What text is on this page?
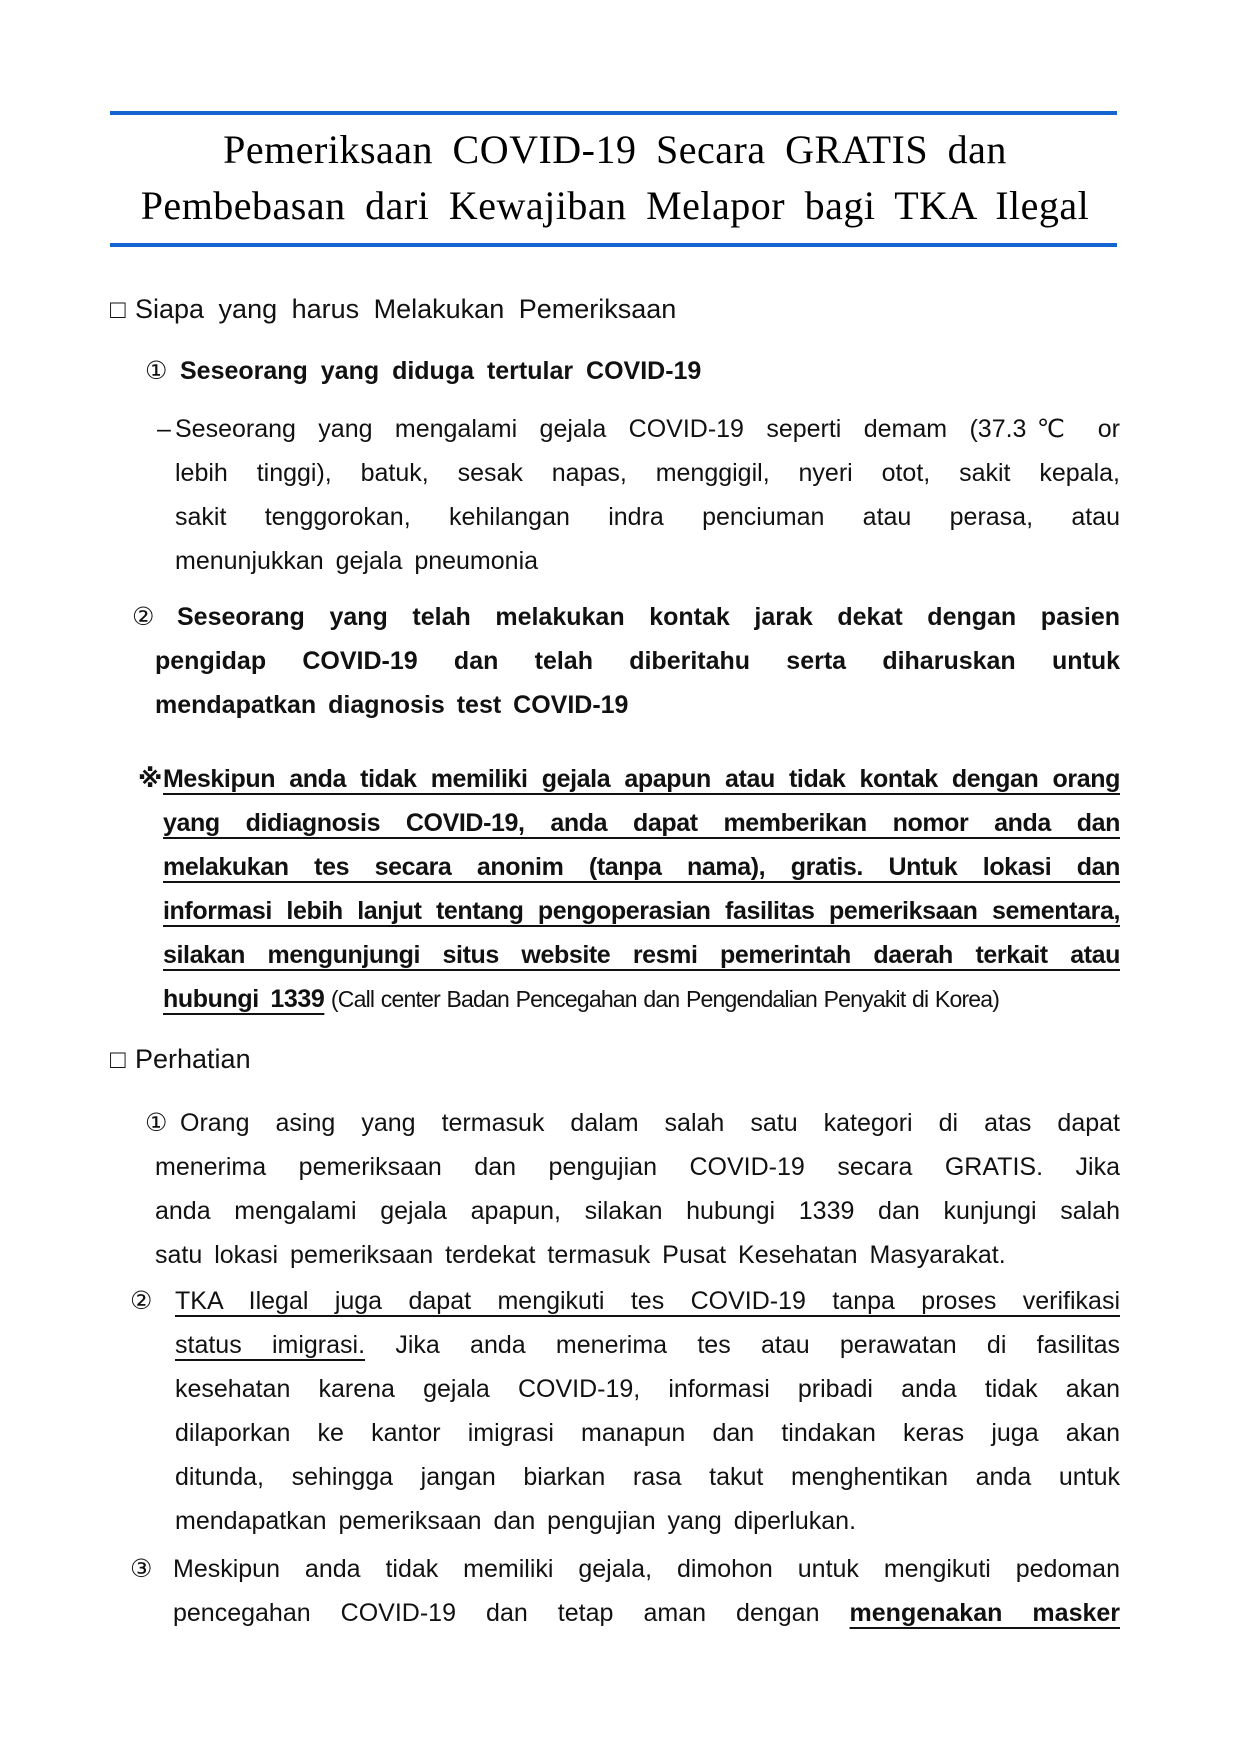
Pemeriksaan COVID-19 Secara GRATIS dan
Pembebasan dari Kewajiban Melapor bagi TKA Ilegal
□ Siapa yang harus Melakukan Pemeriksaan
① Seseorang yang diduga tertular COVID-19
– Seseorang yang mengalami gejala COVID-19 seperti demam (37.3℃ or
lebih tinggi), batuk, sesak napas, menggigil, nyeri otot, sakit kepala,
sakit tenggorokan, kehilangan indra penciuman atau perasa, atau
menunjukkan gejala pneumonia
② Seseorang yang telah melakukan kontak jarak dekat dengan pasien
pengidap COVID-19 dan telah diberitahu serta diharuskan untuk
mendapatkan diagnosis test COVID-19
※ Meskipun anda tidak memiliki gejala apapun atau tidak kontak dengan orang
yang didiagnosis COVID-19, anda dapat memberikan nomor anda dan
melakukan tes secara anonim (tanpa nama), gratis. Untuk lokasi dan
informasi lebih lanjut tentang pengoperasian fasilitas pemeriksaan sementara,
silakan mengunjungi situs website resmi pemerintah daerah terkait atau
hubungi 1339 (Call center Badan Pencegahan dan Pengendalian Penyakit di Korea)
□ Perhatian
① Orang asing yang termasuk dalam salah satu kategori di atas dapat
menerima pemeriksaan dan pengujian COVID-19 secara GRATIS. Jika
anda mengalami gejala apapun, silakan hubungi 1339 dan kunjungi salah
satu lokasi pemeriksaan terdekat termasuk Pusat Kesehatan Masyarakat.
② TKA Ilegal juga dapat mengikuti tes COVID-19 tanpa proses verifikasi
status imigrasi. Jika anda menerima tes atau perawatan di fasilitas
kesehatan karena gejala COVID-19, informasi pribadi anda tidak akan
dilaporkan ke kantor imigrasi manapun dan tindakan keras juga akan
ditunda, sehingga jangan biarkan rasa takut menghentikan anda untuk
mendapatkan pemeriksaan dan pengujian yang diperlukan.
③ Meskipun anda tidak memiliki gejala, dimohon untuk mengikuti pedoman
pencegahan COVID-19 dan tetap aman dengan mengenakan masker
